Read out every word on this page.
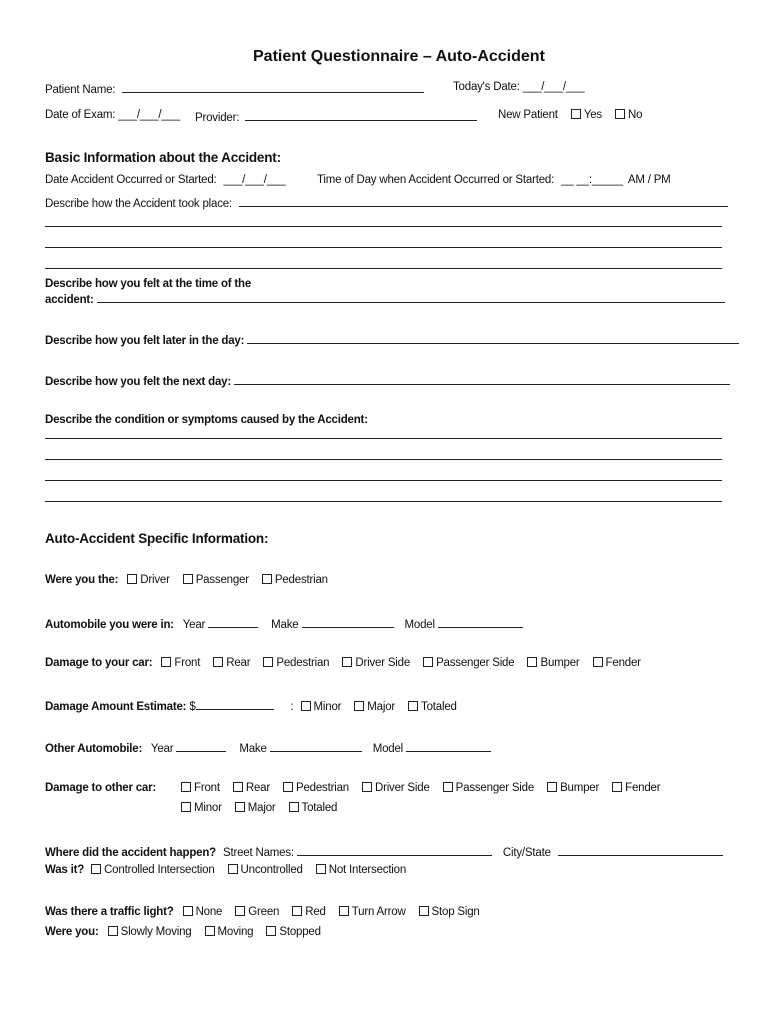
Patient Questionnaire – Auto-Accident
Patient Name:	Today's Date: ___/___/___
Date of Exam: ___/___/___ Provider:	New Patient Yes No
Basic Information about the Accident:
Date Accident Occurred or Started: ___/___/___	Time of Day when Accident Occurred or Started: __ __:_____ AM / PM
Describe how the Accident took place:
Describe how you felt at the time of the
accident:
Describe how you felt later in the day:
Describe how you felt the next day:
Describe the condition or symptoms caused by the Accident:
Auto-Accident Specific Information:
Were you the: Driver Passenger Pedestrian
Automobile you were in: Year	Make	Model
Damage to your car: Front Rear Pedestrian Driver Side Passenger Side Bumper Fender
Damage Amount Estimate: $	: Minor Major Totaled
Other Automobile: Year	Make	Model
Damage to other car:	Front Rear Pedestrian Driver Side Passenger Side Bumper Fender
Minor Major Totaled
Where did the accident happen? Street Names:	City/State
Was it? Controlled Intersection Uncontrolled Not Intersection
Was there a traffic light? None Green Red Turn Arrow Stop Sign
Were you: Slowly Moving Moving Stopped
